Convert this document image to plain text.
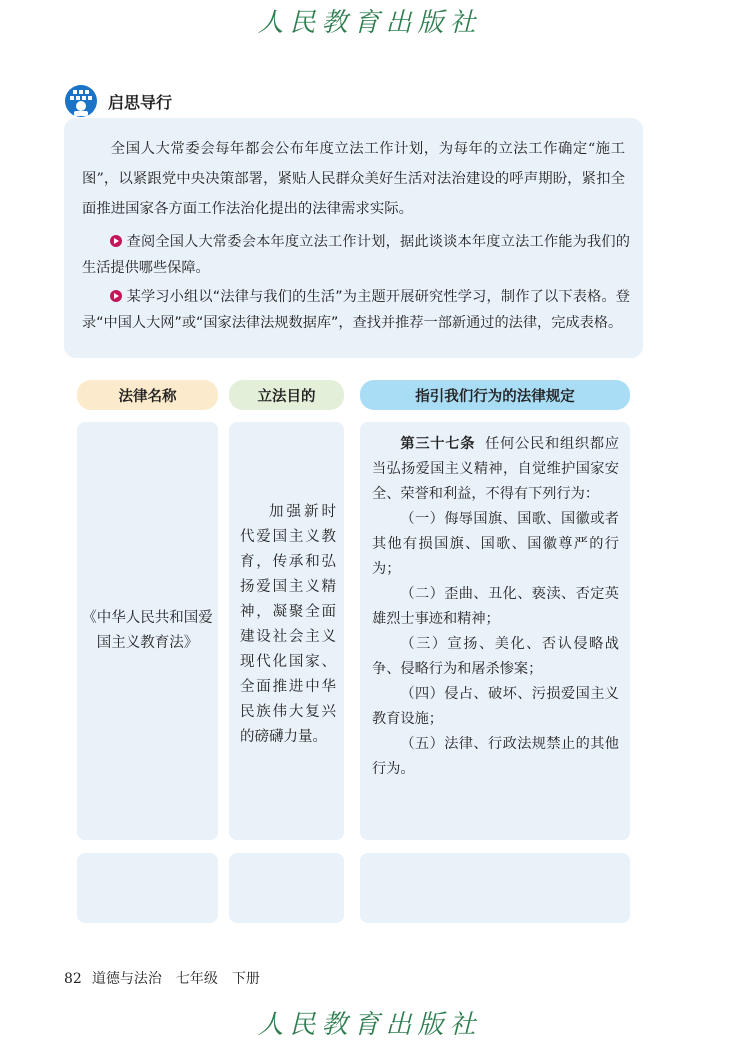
人民教育出版社
启思导行

全国人大常委会每年都会公布年度立法工作计划，为每年的立法工作确定“施工图”，以紧跟党中央决策部署，紧贴人民群众美好生活对法治建设的呼声期盼，紧扣全面推进国家各方面工作法治化提出的法律需求实际。

查阅全国人大常委会本年度立法工作计划，据此谈谈本年度立法工作能为我们的生活提供哪些保障。

某学习小组以“法律与我们的生活”为主题开展研究性学习，制作了以下表格。登录“中国人大网”或“国家法律法规数据库”，查找并推荐一部新通过的法律，完成表格。

法律名称	立法目的	指引我们行为的法律规定
《中华人民共和国爱国主义教育法》
加强新时代爱国主义教育，传承和弘扬爱国主义精神，凝聚全面建设社会主义现代化国家、全面推进中华民族伟大复兴的磅礴力量。

第三十七条 任何公民和组织都应当弘扬爱国主义精神，自觉维护国家安全、荣誉和利益，不得有下列行为：

（一）侮辱国旗、国歌、国徽或者其他有损国旗、国歌、国徽尊严的行为；

（二）歪曲、丑化、亵渎、否定英雄烈士事迹和精神；

（三）宣扬、美化、否认侵略战争、侵略行为和屠杀惨案；

（四）侵占、破坏、污损爱国主义教育设施；

（五）法律、行政法规禁止的其他行为。

82 道德与法治 七年级 下册
人民教育出版社
